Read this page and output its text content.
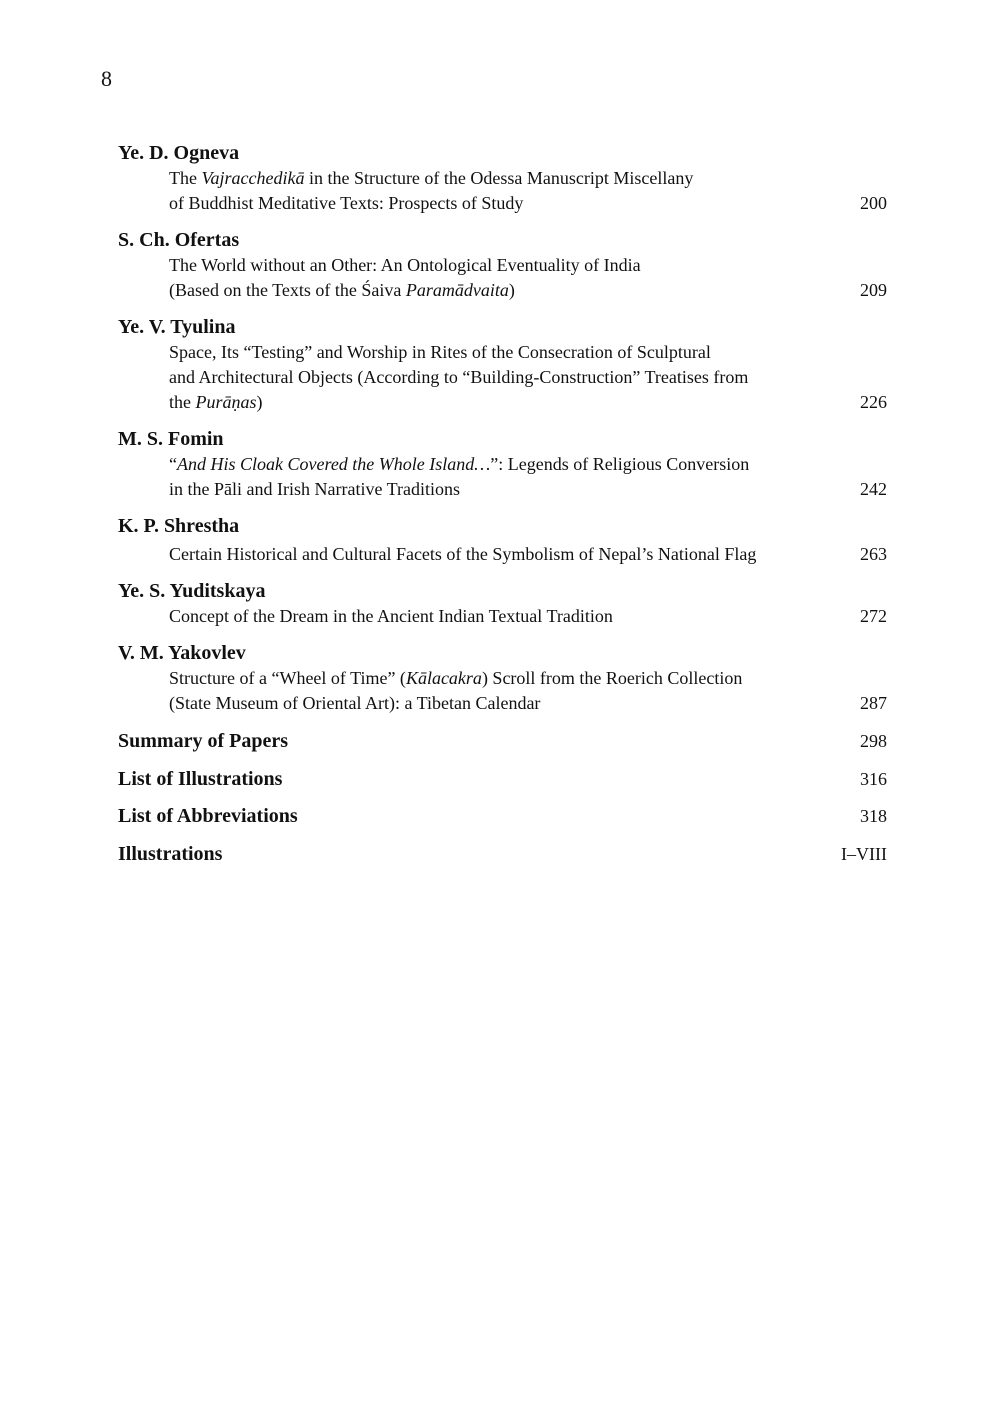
8
Ye. D. Ogneva
The Vajracchedikā in the Structure of the Odessa Manuscript Miscellany
of Buddhist Meditative Texts: Prospects of Study	200
S. Ch. Ofertas
The World without an Other: An Ontological Eventuality of India
(Based on the Texts of the Śaiva Paramādvaita)	209
Ye. V. Tyulina
Space, Its “Testing” and Worship in Rites of the Consecration of Sculptural
and Architectural Objects (According to “Building-Construction” Treatises from
the Purāṇas)	226
M. S. Fomin
“And His Cloak Covered the Whole Island…”: Legends of Religious Conversion
in the Pāli and Irish Narrative Traditions	242
K. P. Shrestha
Certain Historical and Cultural Facets of the Symbolism of Nepal’s National Flag	263
Ye. S. Yuditskaya
Concept of the Dream in the Ancient Indian Textual Tradition	272
V. M. Yakovlev
Structure of a “Wheel of Time” (Kālacakra) Scroll from the Roerich Collection
(State Museum of Oriental Art): a Tibetan Calendar	287
Summary of Papers	298
List of Illustrations	316
List of Abbreviations	318
Illustrations	I–VIII
